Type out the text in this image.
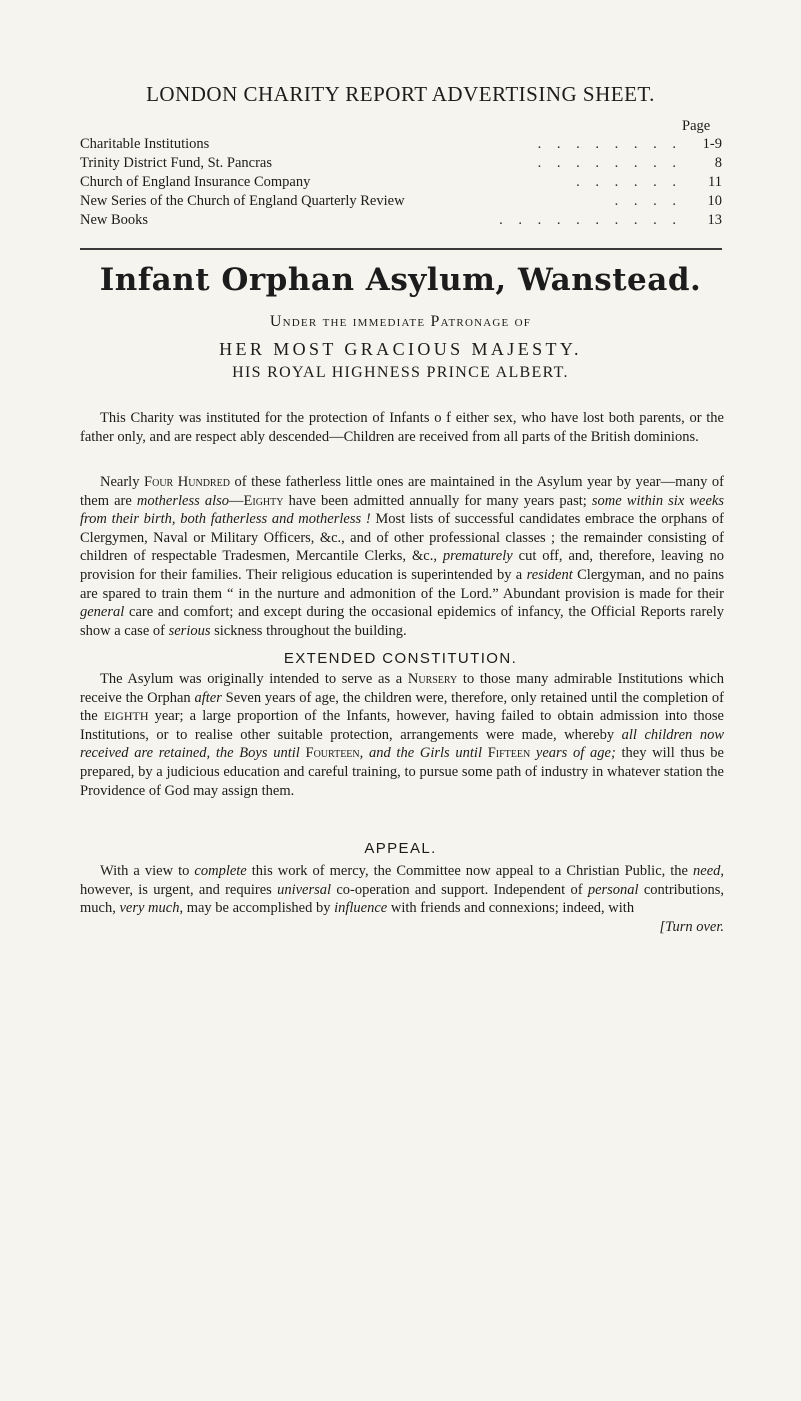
LONDON CHARITY REPORT ADVERTISING SHEET.
Page
Charitable Institutions	. . . . . . . .	1-9
Trinity District Fund, St. Pancras	. . . . . . . .	8
Church of England Insurance Company	. . . . . .	11
New Series of the Church of England Quarterly Review	. . . .	10
New Books	. . . . . . . . . .	13
Infant Orphan Asylum, Wanstead.
Under the immediate Patronage of
HER MOST GRACIOUS MAJESTY.
HIS ROYAL HIGHNESS PRINCE ALBERT.
This Charity was instituted for the protection of Infants o f either sex, who have lost both parents, or the father only, and are respect ably descended—Children are received from all parts of the British dominions.
Nearly Four Hundred of these fatherless little ones are maintained in the Asylum year by year—many of them are motherless also—Eighty have been admitted annually for many years past; some within six weeks from their birth, both fatherless and motherless ! Most lists of successful candidates embrace the orphans of Clergymen, Naval or Military Officers, &c., and of other professional classes ; the remainder consisting of children of respectable Tradesmen, Mercantile Clerks, &c., prematurely cut off, and, therefore, leaving no provision for their families. Their religious education is superintended by a resident Clergyman, and no pains are spared to train them “ in the nurture and admonition of the Lord.” Abundant provision is made for their general care and comfort; and except during the occasional epidemics of infancy, the Official Reports rarely show a case of serious sickness throughout the building.
EXTENDED CONSTITUTION.
The Asylum was originally intended to serve as a Nursery to those many admirable Institutions which receive the Orphan after Seven years of age, the children were, therefore, only retained until the completion of the EIGHTH year; a large proportion of the Infants, however, having failed to obtain admission into those Institutions, or to realise other suitable protection, arrangements were made, whereby all children now received are retained, the Boys until Fourteen, and the Girls until Fifteen years of age; they will thus be prepared, by a judicious education and careful training, to pursue some path of industry in whatever station the Providence of God may assign them.
APPEAL.
With a view to complete this work of mercy, the Committee now appeal to a Christian Public, the need, however, is urgent, and requires universal co-operation and support. Independent of personal contributions, much, very much, may be accomplished by influence with friends and connexions; indeed, with
[Turn over.
